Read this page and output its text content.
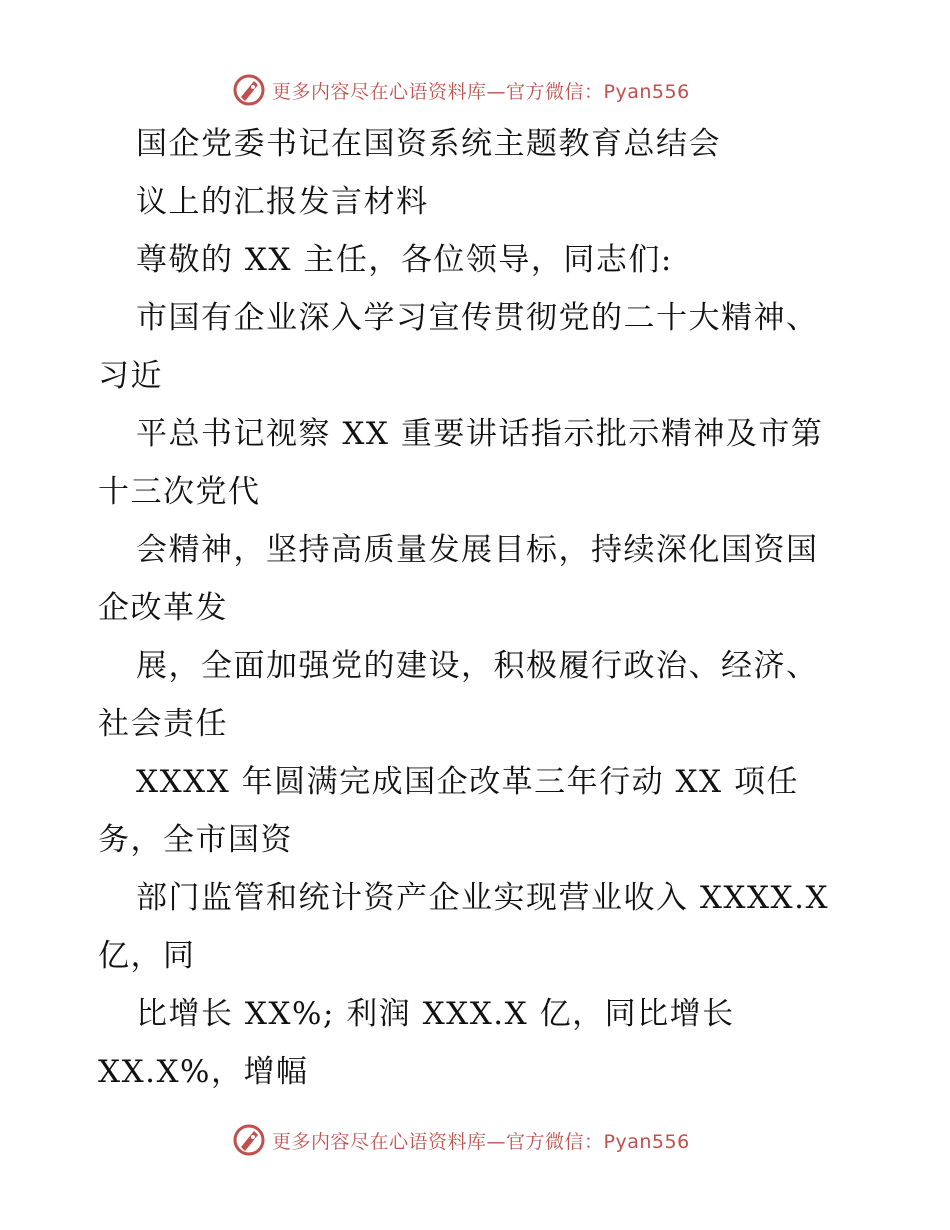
更多内容尽在心语资料库—官方微信：Pyan556
国企党委书记在国资系统主题教育总结会
议上的汇报发言材料
尊敬的 XX 主任，各位领导，同志们:
市国有企业深入学习宣传贯彻党的二十大精神、
习近
平总书记视察 XX 重要讲话指示批示精神及市第
十三次党代
会精神，坚持高质量发展目标，持续深化国资国
企改革发
展，全面加强党的建设，积极履行政治、经济、
社会责任
XXXX 年圆满完成国企改革三年行动 XX 项任
务，全市国资
部门监管和统计资产企业实现营业收入 XXXX.X
亿，同
比增长 XX%; 利润 XXX.X 亿，同比增长
XX.X%，增幅
更多内容尽在心语资料库—官方微信：Pyan556
